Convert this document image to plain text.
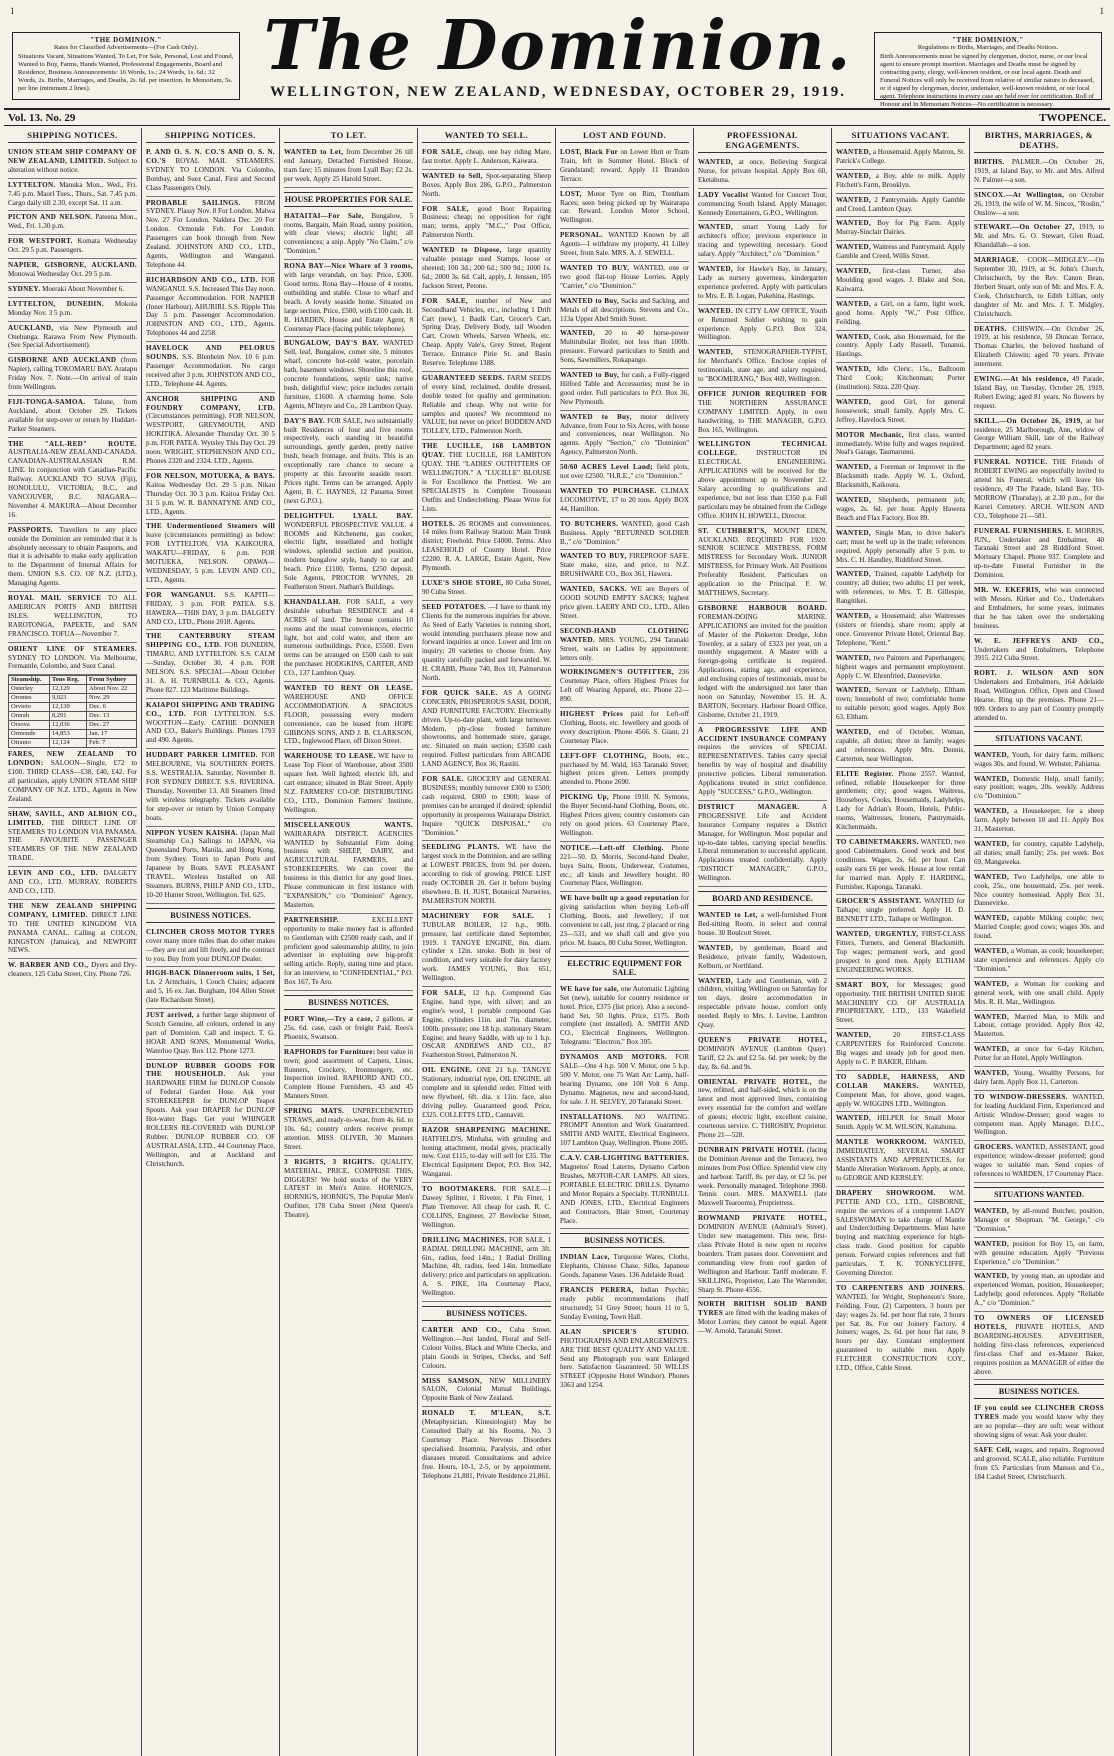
1	1
"THE DOMINION."
Rates for Classified Advertisements—(For Cash Only).
Situations Vacant, Situations Wanted, To Let, For Sale, Personal, Lost and Found, Wanted to Buy, Farms, Hands Wanted, Professional Engagements, Board and Residence, Business Announcements: 16 Words, 1s.; 24 Words, 1s. 6d.; 32 Words, 2s. Births, Marriages, and Deaths, 2s. 6d. per insertion. In Memoriam, 5s. per line (minimum 2 lines).
The Dominion.
WELLINGTON, NEW ZEALAND, WEDNESDAY, OCTOBER 29, 1919.
"THE DOMINION."
Regulations re Births, Marriages, and Deaths Notices.
Birth Announcements must be signed by clergyman, doctor, nurse, or our local agent to ensure prompt insertion. Marriages and Deaths must be signed by contracting party, clergy, well-known resident, or our local agent. Death and Funeral Notices will only be received from relative of similar nature to deceased, or if signed by clergyman, doctor, undertaker, well-known resident, or our local agent. Telephone instructions in every case are held over for certification. Roll of Honour and In Memoriam Notices—No certification is necessary.
Vol. 13. No. 29	TWOPENCE.
SHIPPING NOTICES.
UNION STEAM SHIP COMPANY OF NEW ZEALAND, LIMITED. Subject to alteration without notice.
LYTTELTON. Manuka Mon., Wed., Fri. 7.45 p.m. Maorl Tues., Thurs., Sat. 7.45 p.m. Cargo daily till 2.30, except Sat. 11 a.m.
PICTON AND NELSON. Pateena Mon., Wed., Fri. 1.30 p.m.
FOR WESTPORT. Komata Wednesday Oct. 29 5 p.m. Passengers.
NAPIER, GISBORNE, AUCKLAND. Monowai Wednesday Oct. 29 5 p.m.
SYDNEY. Moeraki About November 6.
LYTTELTON, DUNEDIN. Mokoia Monday Nov. 3 5 p.m.
AUCKLAND, via New Plymouth and Onehunga. Rarawa From New Plymouth. (See Special Advertisement).
GISBORNE AND AUCKLAND (from Napier), calling TOKOMARU BAY. Aratapu Friday Nov. 7. Note.—On arrival of train from Wellington.
FIJI-TONGA-SAMOA. Talune, from Auckland, about October 29. Tickets available for step-over or return by Huddart-Parker Steamers.
THE "ALL-RED" ROUTE. AUSTRALIA-NEW ZEALAND-CANADA. CANADIAN-AUSTRALASIAN R.M. LINE. In conjunction with Canadian-Pacific Railway. AUCKLAND TO SUVA (Fiji), HONOLULU, VICTORIA, B.C., and VANCOUVER, B.C. NIAGARA—November 4. MAKURA—About December 16.
PASSPORTS. Travellers to any place outside the Dominion are reminded that it is absolutely necessary to obtain Passports, and that it is advisable to make early application to the Department of Internal Affairs for them. UNION S.S. CO. OF N.Z. (LTD.), Managing Agents.
ROYAL MAIL SERVICE TO ALL AMERICAN PORTS AND BRITISH ISLES. WELLINGTON, TO RAROTONGA, PAPEETE, and SAN FRANCISCO. TOFUA—November 7.
ORIENT LINE OF STEAMERS. SYDNEY TO LONDON. Via Melbourne, Fremantle, Colombo, and Suez Canal.
Steamship.	Tons Reg.	From Sydney
Osterley	12,129	About Nov. 22
Orontes	9,023	Nov. 29
Orvieto	12,130	Dec. 6
Omrah	8,291	Dec. 13
Orsova	12,036	Dec. 27
Ormonde	14,853	Jan. 17
Otranto	12,124	Feb. 7
FARES, NEW ZEALAND TO LONDON: SALOON—Single, £72 to £100. THIRD CLASS—£38, £40, £42. For all particulars, apply UNION STEAM SHIP COMPANY OF N.Z. LTD., Agents in New Zealand.
SHAW, SAVILL, AND ALBION CO., LIMITED. THE DIRECT LINE OF STEAMERS TO LONDON VIA PANAMA. THE FAVOURITE PASSENGER STEAMERS OF THE NEW ZEALAND TRADE.
LEVIN AND CO., LTD. DALGETY AND CO., LTD. MURRAY, ROBERTS AND CO., LTD.
THE NEW ZEALAND SHIPPING COMPANY, LIMITED. DIRECT LINE TO THE UNITED KINGDOM VIA PANAMA CANAL. Calling at COLON, KINGSTON (Jamaica), and NEWPORT NEWS.
W. BARBER AND CO., Dyers and Dry-cleaners, 125 Cuba Street, City. Phone 726.
SHIPPING NOTICES.
P. AND O. S. N. CO.'S AND O. S. N. CO.'S ROYAL MAIL STEAMERS. SYDNEY TO LONDON. Via Colombo, Bombay, and Suez Canal. First and Second Class Passengers Only.
PROBABLE SAILINGS. FROM SYDNEY. Plassy Nov. 8 For London. Malwa Nov. 27 For London. Naldera Dec. 20 For London. Ormonde Feb. For London. Passengers can book through from New Zealand. JOHNSTON AND CO., LTD., Agents, Wellington and Wanganui. Telephone 44.
RICHARDSON AND CO., LTD. FOR WANGANUI. S.S. Increased This Day noon. Passenger Accommodation. FOR NAPIER (Inner Harbour), AHURIRI. S.S. Ripple This Day 5 p.m. Passenger Accommodation. JOHNSTON AND CO., LTD., Agents. Telephones 44 and 2258.
HAVELOCK AND PELORUS SOUNDS. S.S. Blenheim Nov. 10 6 p.m. Passenger Accommodation. No cargo received after 3 p.m. JOHNSTON AND CO., LTD., Telephone 44. Agents.
ANCHOR SHIPPING AND FOUNDRY COMPANY, LTD. (Circumstances permitting). FOR NELSON, WESTPORT, GREYMOUTH, AND HOKITIKA. Alexander Thursday Oct. 30 5 p.m. FOR PATEA. Wytsley This Day Oct. 29 noon. WRIGHT, STEPHENSON AND CO., Phones 2320 and 2324. LTD., Agents.
FOR NELSON, MOTUEKA, & BAYS. Kaitoa Wednesday Oct. 29 5 p.m. Nikau Thursday Oct. 30 3 p.m. Kaitoa Friday Oct. 31 5 p.m. W. R. BANNATYNE AND CO., LTD., Agents.
THE Undermentioned Steamers will leave (circumstances permitting) as below: FOR LYTTELTON, VIA KAIKOURA. WAKATU—FRIDAY, 6 p.m. FOR MOTUEKA, NELSON. OPAWA—WEDNESDAY, 5 p.m. LEVIN AND CO., LTD., Agents.
FOR WANGANUI. S.S. KAPITI—FRIDAY, 3 p.m. FOR PATEA. S.S. HAWERA—THIS DAY, 3 p.m. DALGETY AND CO., LTD., Phone 2018. Agents.
THE CANTERBURY STEAM SHIPPING CO., LTD. FOR DUNEDIN, TIMARU, AND LYTTELTON. S.S. CALM—Sunday, October 30, 4 p.m. FOR NELSON. S.S. SPECIAL—About October 31. A. H. TURNBULL & CO., Agents. Phone 827. 123 Maritime Buildings.
KAIAPOI SHIPPING AND TRADING CO., LTD. FOR LYTTELTON. S.S. WOOTTON—Early. CATHIE DONNIER AND CO., Baker's Buildings. Phones 1793 and 490. Agents.
HUDDART PARKER LIMITED. FOR MELBOURNE, Via SOUTHERN PORTS. S.S. WESTRALIA. Saturday, November 8. FOR SYDNEY DIRECT. S.S. RIVERINA. Thursday, November 13. All Steamers fitted with wireless telegraphy. Tickets available for step-over or return by Union Company boats.
NIPPON YUSEN KAISHA. (Japan Mail Steamship Co.) Sailings to JAPAN, via Queensland Ports, Manila, and Hong Kong, from Sydney. Tours to Japan Ports and Japanese by Boats. SAVE PLEASANT TRAVEL. Wireless Installed on All Steamers. BURNS, PHILP AND CO., LTD., 10-20 Hunter Street, Wellington. Tel. 625.
BUSINESS NOTICES.
CLINCHER CROSS MOTOR TYRES cover many more miles than do other makes—they are cut and lift freely, and the contract to you. Buy from your DUNLOP Dealer.
HIGH-BACK Dinnerroom suits, 1 Set, Ln. 2 Armchairs, 1 Couch Chairs; adjacent and 5, 16 ex. Jan. Burgham, 104 Allen Street (late Richardson Street).
JUST arrived, a further large shipment of Scotch Genuine, all colours, ordered in any part of Dominion. Call and inspect. T. G. HOAR AND SONS, Monumental Works, Waterloo Quay. Box 112. Phone 1273.
DUNLOP RUBBER GOODS FOR THE HOUSEHOLD. Ask your HARDWARE FIRM for DUNLOP Console of Federal Garden Hose. Ask your STOREKEEPER for DUNLOP Teapot Spouts. Ask your DRAPER for DUNLOP Hot-water Bags. Get your WHINGER ROLLERS RE-COVERED with DUNLOP Rubber. DUNLOP RUBBER CO. OF AUSTRALASIA, LTD., 44 Courtenay Place, Wellington, and at Auckland and Christchurch.
TO LET.
WANTED to Let, from December 26 till end January, Detached Furnished House, tram fare; 15 minutes from Lyall Bay; £2 2s. per week. Apply 25 Harold Street.
HOUSE PROPERTIES FOR SALE.
HATAITAI—For Sale, Bungalow, 5 rooms, Bargain, Main Road, sunny position, with clear views; electric light; all conveniences; a snip. Apply "No Claim," c/o "Dominion."
RONA BAY—Nice Whare of 3 rooms, with large verandah, on bay. Price, £300. Good terms. Rona Bay—House of 4 rooms, outbuilding and stable. Close to wharf and beach. A lovely seaside home. Situated on large section. Price, £500, with £100 cash. H. R. HARDEN, House and Estate Agent, 8 Courtenay Place (facing public telephone).
BUNGALOW, DAY'S BAY. WANTED Sell, leaf, Bungalow, comer site, 5 minutes wharf, concrete hot-cold water, porcelain bath, basement windows. Shoreline this roof, concrete foundations, septic tank; native bush, delightful view; price includes certain furniture, £1600. A charming home. Sole Agents, M'Intyre and Co., 28 Lambton Quay.
DAY'S BAY. FOR SALE, two substantially built Residences of four and five rooms respectively, each standing in beautiful surroundings, gently garden, pretty native bush, beach frontage, and fruits. This is an exceptionally rare chance to secure a property at this favourite seaside resort. Prices right. Terms can be arranged. Apply Agent, B. C. HAYNES, 12 Panama Street (next G.P.O.).
DELIGHTFUL LYALL BAY. WONDERFUL PROSPECTIVE VALUE. 4 ROOMS and Kitchenette, gas cooker, electric light, tessellated and hotlight windows, splendid section and position, modern bungalow style, handy to car and beach. Price £1100. Terms, £250 deposit. Sole Agents, PROCTOR WYNNS, 28 Featherston Street. Nathan's Buildings.
KHANDALLAH. FOR SALE, a very desirable suburban RESIDENCE and 4 ACRES of land. The house contains 10 rooms and the usual conveniences, electric light, hot and cold water, and there are numerous outbuildings. Price, £5500. Even terms can be arranged on £500 cash to suit the purchaser. HODGKINS, CARTER, AND CO., 137 Lambton Quay.
WANTED TO RENT OR LEASE. WAREHOUSE AND OFFICE ACCOMMODATION. A SPACIOUS FLOOR, possessing every modern convenience, can be leased from HOPE GIBBONS SONS, AND J. B. CLARKSON, LTD., Inglewood Place, off Dixon Street.
WAREHOUSE TO LEASE. WE have to Lease Top Floor of Warehouse, about 3500 square feet. Well lighted; electric lift, and cart entrance; situated in Blair Street. Apply N.Z. FARMERS' CO-OP. DISTRIBUTING CO., LTD., Dominion Farmers' Institute, Wellington.
MISCELLANEOUS WANTS. WAIRARAPA DISTRICT. AGENCIES WANTED by Substantial Firm doing business with SHEEP, DAIRY, and AGRICULTURAL FARMERS, and STOREKEEPERS. We can cover the business in this district for any good lines. Please communicate in first instance with "EXPANSION," c/o "Dominion" Agency, Masterton.
PARTNERSHIP.	EXCELLENT opportunity to make money fast is afforded to Gentleman with £2500 ready cash, and if proficient good salesmanship ability, to join advertiser in exploiting new big-profit selling article. Reply, stating time and place, for an interview, to "CONFIDENTIAL," P.O. Box 167, Te Aro.
BUSINESS NOTICES.
PORT Wine,—Try a case, 2 gallons, at 25s. 6d. case, cash or freight Paid, Rees's Phoenix, Swanson.
RAPHORDS for Furniture: best value in town; good assortment of Carpets, Linos, Runners, Crockery, Ironmongery, etc. Inspection invited. RAPHORD AND CO., Complete House Furnishers, 43 and 45 Manners Street.
SPRING MATS. UNPRECEDENTED STRAWS, and ready-to-wear, from 4s. 6d. to 10s. 6d.; country orders receive prompt attention. MISS OLIVER, 30 Manners Street.
3 RIGHTS, 3 RIGHTS. QUALITY, MATERIAL, PRICE, COMPRISE THIS, DIGGERS! We hold stocks of the VERY LATEST in Men's Attire. HORNIG'S, HORNIG'S, HORNIG'S, The Popular Men's Outfitter, 178 Cuba Street (Next Queen's Theatre).
WANTED TO SELL.
FOR SALE, cheap, one bay riding Mare, fast trotter. Apply L. Anderson, Kaiwara.
WANTED to Sell, Spot-separating Sheep Boxes. Apply Box 286, G.P.O., Palmerston North.
FOR SALE, good Boot Repairing Business; cheap; no opposition for right man; terms, apply "M.C.," Post Office, Palmerston North.
WANTED to Dispose, large quantity valuable postage used Stamps, loose or sheeted; 100 3d.; 200 6d.; 500 9d.; 1000 1s. 6d.; 2000 3s. 6d. Call, apply, J. Jenssen, 105 Jackson Street, Petone.
FOR SALE, number of New and Secondhand Vehicles, etc., including 1 Drift Cart (new), 1 Baulk Cart, Grocer's Cart, Spring Dray, Delivery Body, tail Wooden Cart, Crown Wheels, Sarven Wheels, etc. Cheap. Apply Vale's, Grey Street, Regent Terrace, Entrance Pirie St. and Basin Reserve. Telephone 1388.
GUARANTEED SEEDS. FARM SEEDS of every kind, reclaimed, double dressed, double tested for quality and germination. Reliable and cheap. Why not write for samples and quotes? We recommend no VALUE, but never on price! BODDEN AND TOLLEY, LTD., Palmerston North.
THE LUCILLE, 168 LAMBTON QUAY. THE LUCILLE, 168 LAMBTON QUAY. THE "LADIES' OUTFITTERS OF WELLINGTON." A "LUCILLE" BLOUSE is For Excellence the Prettiest. We are SPECIALISTS in Complete Trousseau Outfits and Underclothing. Please Write for Lists.
HOTELS. 26 ROOMS and conveniences, 14 miles from Railway Station: Main Trunk district; Freehold. Price £4000. Terms. Also LEASEHOLD of County Hotel. Price £2200. R. A. LARGE, Estate Agent, New Plymouth.
LUXE'S SHOE STORE, 80 Cuba Street, 90 Cuba Street.
SEED POTATOES. —I have to thank my Clients for the numerous inquiries for above. As Seed of Early Varieties is running short, would intending purchasers please now and forward inquiries at once. Lower and Irm on inquiry; 20 varieties to choose from. Any quantity carefully packed and forwarded. W. H. CRABB, Phone 740, Box 10, Palmerston North.
FOR QUICK SALE. AS A GOING CONCERN, PROSPEROUS SASH, DOOR, AND FURNITURE FACTORY. Electrically driven. Up-to-date plant, with large turnover. Modern, ply-close frosted furniture showrooms, and homemade store, garage, etc. Situated on main section; £3500 cash required. Fullest particulars from ARCADE LAND AGENCY, Box 36, Rastiti.
FOR SALE. GROCERY and GENERAL BUSINESS; monthly turnover £300 to £500; cash required, £800 to £900; lease of premises can be arranged if desired; splendid opportunity in prosperous Wairarapa District. Inquire "QUICK DISPOSAL," c/o "Dominion."
SEEDLING PLANTS. WE have the largest stock in the Dominion, and are selling at LOWEST PRICES, from 9d. per dozen, according to risk of growing. PRICE LIST ready OCTOBER 20. Get it before buying elsewhere. B. H. JUST, Botanical Nurseries, PALMERSTON NORTH.
MACHINERY FOR SALE. 1 TUBULAR BOILER, 12 h.p., 90lb. pressure, last certificate dated September, 1919. 1 TANGYE ENGINE, 8in. diam. cylinder x 12in. stroke. Both in best of condition, and very suitable for dairy factory work. JAMES YOUNG, Box 651, Wellington.
FOR SALE, 12 h.p. Compound Gas Engine, hand type, with silver; and an engine's wool, 1 portable compound Gas Engine, cylinders 11in. and 7in. diameter, 100lb. pressure; one 18 h.p. stationary Steam Engine; and heavy Saddle, with up to 1 h.p. OSCAR ANDREWS AND CO., 87 Featherston Street, Palmerston N.
OIL ENGINE. ONE 21 h.p. TANGYE Stationary, industrial type, OIL ENGINE, all complete and in splendid order. Fitted with new flywheel, 6ft. dia. x 11in. face, also driving pulley. Guaranteed good. Price, £325. COLLETTS LTD., Cannaviti.
RAZOR SHARPENING MACHINE. HATFIELD'S, Minhaha, with grinding and honing attachment, modal gives, practically new. Cost £115, to-day will sell for £35. The Electrical Equipment Depot, P.O. Box 342, Wanganui.
TO BOOTMAKERS. FOR SALE—1 Dawey Splitter, 1 Riveter, 1 Pin Fitter, 1 Plate Tremover. All cheap for cash. R. C. COLLINS, Engineer, 27 Bowlocke Street, Wellington.
DRILLING MACHINES. FOR SALE, 1 RADIAL DRILLING MACHINE, arm 3ft. 6in., radius, feed 14in.; 1 Radial Drilling Machine, 4ft. radius, feed 14in. Immediate delivery; price and particulars on application. A. S. PIKE, 10a Courtenay Place, Wellington.
BUSINESS NOTICES.
CARTER AND CO., Cuba Street, Wellington.—Just landed, Floral and Self-Colour Voiles, Black and White Checks, and plain Goods in Stripes, Checks, and Self Colours.
MISS SAMSON, NEW MILLINERY SALON, Colonial Mutual Buildings, Opposite Bank of New Zealand.
RONALD T. M'LEAN, S.T. (Metaphysician, Kinesiologist) May be Consulted Daily at his Rooms, No. 3 Courtenay Place. Nervous Disorders specialised. Insomnia, Paralysis, and other diseases treated. Consultations and advice free. Hours, 10-1, 2-5, or by appointment. Telephone 21,881, Private Residence 21,861.
LOST AND FOUND.
LOST, Black Fur on Lower Hutt or Tram Train, left in Summer Hotel. Block of Grandstand; reward. Apply 11 Brandon Terrace.
LOST, Motor Tyre on Rim, Trentham Races; seen being picked up by Wairarapa car. Reward. London Motor School, Wellington.
PERSONAL. WANTED Known by all Agents—I withdraw my property, 41 Lilley Street, from Sale. MRS. A. J. SEWELL.
WANTED TO BUY. WANTED, one or two good flat-top House Lorries. Apply "Carrier," c/o "Dominion."
WANTED to Buy, Sacks and Sacking, and Metals of all descriptions. Stevens and Co., 113a Upper Abel Smith Street.
WANTED, 20 to 40 horse-power Multitubular Boiler, not less than 100lb. pressure. Forward particulars to Smith and Sons, Sawmillers, Rokapango.
WANTED to Buy, for cash, a Fully-rigged Hilford Table and Accessories; must be in good order. Full particulars to P.O. Box 36, New Plymouth.
WANTED to Buy, motor delivery Advance, from Four to Six Acres, with house and conveniences, near Wellington. No agents. Apply "Section," c/o "Dominion" Agency, Palmerston North.
50/60 ACRES Level Land; field plots, not over £2500. "H.R.E.," c/o "Dominion."
WANTED TO PURCHASE. CLIMAX LOCOMOTIVE, 17 to 20 tons. Apply BOX 44, Hamilton.
TO BUTCHERS. WANTED, good Cash Business. Apply "RETURNED SOLDIER B.," c/o "Dominion."
WANTED TO BUY, FIREPROOF SAFE. State make, size, and price, to N.Z. BRUSHWARE CO., Box 361, Hawera.
WANTED, SACKS. WE are Buyers of GOOD SOUND EMPTY SACKS; highest price given. LAERY AND CO., LTD., Allen Street.
SECOND-HAND CLOTHING WANTED. MRS. YOUNG, 294 Taranaki Street, waits on Ladies by appointment; letters only.
WORKINGMEN'S OUTFITTER, 236 Courtenay Place, offers Highest Prices for Left off Wearing Apparel, etc. Phone 22—890.
HIGHEST Prices paid for Left-off Clothing, Boots, etc. Jewellery and goods of every description. Phone 4566. S. Giant, 21 Courtenay Place.
LEFT-OFF CLOTHING, Boots, etc., purchased by M. Wald, 163 Taranaki Street; highest prices given. Letters promptly attended to. Phone 2690.
PICKING Up, Phone 1910. N. Symons, the Buyer Second-hand Clothing, Boots, etc. Highest Prices given; country customers can rely on good prices. 63 Courtenay Place, Wellington.
NOTICE.—Left-off Clothing. Phone 221—50. D. Morris, Second-hand Dealer, buys Suits, Boots, Underwear, Costumes, etc.; all kinds and Jewellery bought. 80 Courtenay Place, Wellington.
WE have built up a good reputation for giving satisfaction when buying Left-off Clothing, Boots, and Jewellery; if not convenient to call, just ring, 2 placard or ring 23—531, and we shall call and give you price. M. Isaacs, 80 Cuba Street, Wellington.
ELECTRIC EQUIPMENT FOR SALE.
WE have for sale, one Automatic Lighting Set (new), suitable for country residence or hotel. Price, £375 (list price). Also a second-hand Set, 50 lights. Price, £175. Both complete (not installed). A. SMITH AND CO., Electrical Engineers, Wellington. Telegrams: "Electron," Box 395.
DYNAMOS AND MOTORS. FOR SALE—One 4 h.p. 500 V. Motor, one 5 h.p. 500 V. Motor, one 75 Watt Arc Lamp, half-bearing Dynamo, one 100 Volt 6 Amp. Dynamo. Magnetos, new and second-hand, for sale. J. H. SELVEY, 20 Taranaki Street.
INSTALLATIONS. NO WAITING. PROMPT Attention and Work Guaranteed. SMITH AND WAITE, Electrical Engineers, 107 Lambton Quay, Wellington. Phone 2005.
C.A.V. CAR-LIGHTING BATTERIES. Magnetos' Road Laterns, Dynamo Carbon Brushes, MOTOR-CAR LAMPS. All sizes, PORTABLE ELECTRIC DRILLS. Dynamo and Motor Repairs a Specialty. TURNBULL AND JONES, LTD., Electrical Engineers and Contractors, Blair Street, Courtenay Place.
BUSINESS NOTICES.
INDIAN Lace, Turquoise Wares, Cloths, Elephants, Chinese Chase, Silks, Japanese Goods, Japanese Vases. 136 Adelaide Road.
FRANCIS PERERA, Indian Psychic; ready public recommendations (half structured); 51 Grey Street; hours 11 to 5, Sunday Evening, Town Hall.
ALAN SPICER'S STUDIO. PHOTOGRAPHS AND ENLARGEMENTS. ARE THE BEST QUALITY AND VALUE. Send any Photograph you want Enlarged here. Satisfaction Guaranteed. 50 WILLIS STREET (Opposite Hotel Windsor). Phones 3363 and 1254.
PROFESSIONAL ENGAGEMENTS.
WANTED, at once, Believing Surgical Nurse, for private hospital. Apply Box 60, Eketahuna.
LADY Vocalist Wanted for Concert Tour, commencing South Island. Apply Manager, Kennedy Entertainers, G.P.O., Wellington.
WANTED, smart Young Lady for architect's office; previous experience in tracing and typewriting necessary. Good salary. Apply "Architect," c/o "Dominion."
WANTED, for Hawke's Bay, in January, Lady as nursery governess, kindergarten experience preferred. Apply with particulars to Mrs. E. B. Logan, Pukehina, Hastings.
WANTED. IN CITY LAW OFFICE, Youth or Returned Soldier wishing to gain experience. Apply G.P.O. Box 324, Wellington.
WANTED, STENOGRAPHER-TYPIST, for Merchant's Office. Enclose copies of testimonials, state age, and salary required, to "BOOMERANG," Box 469, Wellington.
OFFICE JUNIOR REQUIRED FOR THE NORTHERN ASSURANCE COMPANY LIMITED. Apply, in own handwriting, to THE MANAGER, G.P.O. Box 165, Wellington.
WELLINGTON TECHNICAL COLLEGE.	INSTRUCTOR IN ELECTRICAL ENGINEERING. APPLICATIONS will be received for the above appointment up to November 12. Salary according to qualifications and experience, but not less than £350 p.a. Full particulars may be obtained from the College Office. JOHN H. HOWELL, Director.
ST. CUTHBERT'S, MOUNT EDEN, AUCKLAND. REQUIRED FOR 1920: SENIOR SCIENCE MISTRESS, FORM MISTRESS for Secondary Work. JUNIOR MISTRESS, for Primary Work. All Positions Preferably Resident. Particulars on application to the Principal. F. W. MATTHEWS, Secretary.
GISBORNE HARBOUR BOARD. FOREMAN-DOING MARINE. APPLICATIONS are invited for the position of Master of the Pinkerton Dredge, John Townley, at a salary of £323 per year, on a monthly engagement. A Master with a foreign-going certificate is required. Applications, stating age, and experience, and enclosing copies of testimonials, must be lodged with the undersigned not later than noon on Saturday, November 15. H. A. BARTON, Secretary. Harbour Board Office, Gisborne, October 21, 1919.
A PROGRESSIVE LIFE AND ACCIDENT INSURANCE COMPANY requires the services of SPECIAL REPRESENTATIVES. Tables carry special benefits by way of hospital and disability protective policies. Liberal remuneration. Applications treated in strict confidence. Apply "SUCCESS," G.P.O., Wellington.
DISTRICT MANAGER.	A PROGRESSIVE Life and Accident Insurance Company requires a District Manager, for Wellington. Most popular and up-to-date tables, carrying special benefits. Liberal remuneration to successful applicant. Applications treated confidentially. Apply "DISTRICT MANAGER," G.P.O., Wellington.
BOARD AND RESIDENCE.
WANTED to Let, a well-furnished Front Bed-sitting Room, in select and central house. 30 Boulcott Street.
WANTED, by gentleman, Board and Residence, private family, Wadestown, Kelburn, or Northland.
WANTED, Lady and Gentleman, with 2 children, visiting Wellington on Saturday for ten days, desire accommodation in respectable private house, comfort only needed. Reply to Mrs. J. Levine, Lambton Quay.
QUEEN'S PRIVATE HOTEL, DOMINION AVENUE (Lambton Quay). Tariff, £2 2s. and £2 5s. 6d. per week; by the day, 8s. 6d. and 9s.
OBIENTAL PRIVATE HOTEL, the new, refitted, and half-sided, which is on the latest and most approved lines, containing every essential for the comfort and welfare of guests; electric light, excellent cuisine, courteous service. C. THROSBY, Proprietor. Phone 21—528.
DUNBRAIN PRIVATE HOTEL (facing the Dominion Avenue and the Terrace), two minutes from Post Office. Splendid view city and harbour. Tariff, 8s. per day, or £2 5s. per week. Personally managed. Telephone 3960. Tennis court. MRS. MAXWELL (late Maxwell Tearooms), Proprietress.
ROWMAND PRIVATE HOTEL, DOMINION AVENUE (Admiral's Street). Under new management. This new, first-class Private Hotel is now open to receive boarders. Tram passes door. Convenient and commanding view from roof garden of Wellington and Harbour. Tariff moderate. F. SKILLING, Proprietor, Late The Warrender, Sharp St. Phone 4556.
NORTH BRITISH SOLID BAND TYRES are fitted with the leading makes of Motor Lorries; they cannot be equal. Agent—W. Arnold, Taranaki Street.
SITUATIONS VACANT.
WANTED, a Housemaid. Apply Matron, St. Patrick's College.
WANTED, a Boy, able to milk. Apply Fitchett's Farm, Brooklyn.
WANTED, 2 Pantrymaids. Apply Gamble and Creed, Lambton Quay.
WANTED, Boy for Pig Farm. Apply Murray-Sinclair Dairies.
WANTED, Waitress and Pantrymaid. Apply Gamble and Creed, Willis Street.
WANTED, first-class Turner, also Moulding good wages. J. Blake and Son, Kaiwarra.
WANTED, a Girl, on a farm, light work, good home. Apply "W.," Post Office, Feilding.
WANTED, Cook, also Housemaid, for the country. Apply Lady Russell, Tunanui, Hastings.
WANTED, Idle Cleric, 15s., Ballroom Third Cook; Kitchenman; Porter (institution). Sitza, 220 Quay.
WANTED, good Girl, for general housework; small family. Apply Mrs. C. Jeffrey, Havelock Street.
MOTOR Mechanic, first class, wanted immediately. Write fully and wages required. Neal's Garage, Taumarunui.
WANTED, a Foreman or Improver in the Blacksmith trade. Apply W. L. Oxford, Blacksmith, Kaikoura.
WANTED, Shepherds, permanent job; wages, 2s. 6d. per hour. Apply Hawera Beach and Flax Factory, Box 89.
WANTED, Single Man, to drive baker's cart; must be well up in the trade; references required. Apply personally after 5 p.m. to Mrs. C. H. Handley, Riddiford Street.
WANTED, Trained, capable Ladyhelp for country; all duties; two adults; £1 per week, with references, to Mrs. T. B. Gillespie, Rangitikei.
WANTED, a Housemaid; also Waitresses (sisters or friends), share room; apply at once. Grosvenor Private Hotel, Oriental Bay. Telephone, "Kent."
WANTED, two Painters and Paperhangers; highest wages and permanent employment. Apply C. W. Ehrenfried, Dannevirke.
WANTED, Servant or Ladyhelp, Eltham town; household of two; comfortable home to suitable person; good wages. Apply Box 63, Eltham.
WANTED, end of October, Woman, capable, all duties; three in family; wages and references. Apply Mrs. Dennis, Carterton, near Wellington.
ELITE Register. Phone 2557. Wanted, refined, reliable Housekeeper for three gentlemen; city; good wages. Waitress, Houseboys, Cooks, Housemaids, Ladyhelps, Lady for Adrian's Room, Hotels, Public-rooms, Waitresses, Ironers, Pantrymaids, Kitchenmaids.
TO CABINETMAKERS. WANTED, two good Cabinetmakers. Good work and best conditions. Wages, 2s. 6d. per hour. Can easily earn £6 per week. House at low rental for married man. Apply F. HARDING, Furnisher, Kaponga, Taranaki.
GROCER'S ASSISTANT. WANTED for Taihape; single preferred. Apply H. D. BENNETT LTD., Taihape or Wellington.
WANTED, URGENTLY, FIRST-CLASS Fitters, Turners, and General Blacksmith. Top wages; permanent work, and good prospect to good men. Apply ELTHAM ENGINEERING WORKS.
SMART BOY, for Messages; good opportunity. THE BRITISH UNITED SHOE MACHINERY CO. OF AUSTRALIA PROPRIETARY, LTD., 133 Wakefield Street.
WANTED,	20 FIRST-CLASS CARPENTERS for Reinforced Concrete. Big wages and steady job for good men. Apply to C. P. BAKER, Eltham.
TO SADDLE, HARNESS, AND COLLAR MAKERS. WANTED, Competent Man, for above, good wages, apply W. WIGGINS LTD., Wellington.
WANTED, HELPER for Small Motor Smith. Apply W. M. WILSON, Kaitahuna.
MANTLE WORKROOM. WANTED, IMMEDIATELY, SEVERAL SMART ASSISTANTS AND APPRENTICES, for Mantle Alteration Workroom. Apply, at once, to GEORGE AND KERSLEY.
DRAPERY SHOWROOM. W.M. PETTIE AND CO., LTD., GISBORNE, require the services of a competent LADY SALESWOMAN to take charge of Mantle and Underclothing Departments. Must have buying and matching experience for high-class trade. Good position for capable person. Forward copies references and full particulars. T. K. TONKYCLIFFE, Governing Director.
TO CARPENTERS AND JOINERS. WANTED, for Wright, Stephenson's Store, Feilding. Four, (2) Carpenters, 3 hours per day; wages 2s. 6d. per hour flat rate, 3 hours per Sat. 8s. For our Joinery Factory, 4 Joiners; wages, 2s. 6d. per hour flat rate, 9 hours per day. Constant employment guaranteed to suitable men. Apply FLETCHER CONSTRUCTION COY., LTD., Office, Cable Street.
BIRTHS, MARRIAGES, & DEATHS.
BIRTHS. PALMER.—On October 26, 1919, at Island Bay, to Mr. and Mrs. Alfred N. Palmer—a son.
SINCOX.—At Wellington, on October 26, 1919, the wife of W. M. Sincox, "Roslin," Onslow—a son.
STEWART.—On October 27, 1919, to Mr. and Mrs. G. O. Stewart, Glen Road, Khandallah—a son.
MARRIAGE. COOK—MIDGLEY.—On September 30, 1919, at St. John's Church, Christchurch, by the Rev. Canon Bean, Herbert Stuart, only son of Mr. and Mrs. F. A. Cook, Christchurch, to Edith Lillian, only daughter of Mr. and Mrs. J. T. Midgley, Christchurch.
DEATHS. CHISWIN.—On October 26, 1919, at his residence, 59 Duncan Terrace, Thomas Charles, the beloved husband of Elizabeth Chiswin; aged 70 years. Private interment.
EWING.—At his residence, 49 Parade, Island Bay, on Tuesday, October 28, 1919, Robert Ewing; aged 81 years. No flowers by request.
SKILL.—On October 26, 1919, at her residence, 25 Marlborough, Ann, widow of George William Skill, late of the Railway Department; aged 82 years.
FUNERAL NOTICE. THE Friends of ROBERT EWING are respectfully invited to attend his Funeral, which will leave his residence, 49 The Parade, Island Bay, TO-MORROW (Thursday), at 2.30 p.m., for the Karori Cemetery. ARCH. WILSON AND CO., Telephone 21—581.
FUNERAL FURNISHERS. E. MORRIS, JUN., Undertaker and Embalmer, 40 Taranaki Street and 28 Riddiford Street. Mortuary Chapel. Phone 937. Complete and up-to-date Funeral Furnisher in the Dominion.
MR. W. EKEFRIS, who was connected with Messrs. Kirker and Co., Undertakers and Embalmers, for some years, intimates that he has taken over the undertaking business.
W. E. JEFFREYS AND CO., Undertakers and Embalmers, Telephone 3915. 212 Cuba Street.
ROBT. J. WILSON AND SON Undertakers and Embalmers, 164 Adelaide Road, Wellington. Office, Open and Closed Hearse. Ring up the premises. Phone 21—909. Orders to any part of Country promptly attended to.
SITUATIONS VACANT.
WANTED, Youth, for dairy farm, milkers; wages 30s. and found. W. Webster, Pahiatua.
WANTED, Domestic Help, small family; easy position; wages, 20s. weekly. Address c/o "Dominion."
WANTED, a Housekeeper, for a sheep farm. Apply between 10 and 11. Apply Box 31, Masterton.
WANTED, for country, capable Ladyhelp, all duties; small family; 25s. per week. Box 69, Mangaweka.
WANTED, Two Ladyhelps, one able to cook, 25s., one housemaid, 25s. per week. Nice country homestead. Apply Box 31, Dannevirke.
WANTED, capable Milking couple; two; Married Couple; good cows; wages 30s. and found.
WANTED, a Woman, as cook; housekeeper; state experience and references. Apply c/o "Dominion."
WANTED, a Woman for cooking and general work, with one small child. Apply Mrs. R. H. Mar., Wellington.
WANTED, Married Man, to Milk and Labour, cottage provided. Apply Box 42, Masterton.
WANTED, at once for 6-day Kitchen, Porter for an Hotel, Apply Wellington.
WANTED, Young, Wealthy Persons, for dairy farm. Apply Box 11, Carterton.
TO WINDOW-DRESSERS. WANTED, for leading Auckland Firm, Experienced and Artistic Window-Dresser; good wages to competent man. Apply Manager, D.I.C., Wellington.
GROCERS. WANTED, ASSISTANT, good experience; window-dresser preferred; good wages to suitable man. Send copies of references to WARDEN, 17 Courtenay Place.
SITUATIONS WANTED.
WANTED, by all-round Butcher, position, Manager or Shopman. "M. George," c/o "Dominion."
WANTED, position for Boy 15, on farm, with genuine education. Apply "Previous Experience," c/o "Dominion."
WANTED, by young man, an uptodate and experienced Woman, position, Housekeeper; Ladyhelp; good references. Apply "Reliable A.," c/o "Dominion."
TO OWNERS OF LICENSED HOTELS, PRIVATE HOTELS, AND BOARDING-HOUSES. ADVERTISER, holding first-class references, experienced first-class Chef and ex-Master Baker, requires position as MANAGER of either the above.
BUSINESS NOTICES.
IF you could see CLINCHER CROSS TYRES made you would know why they are so popular—they are soft; wear without showing signs of wear. Ask your dealer.
SAFE Cell, wages, and repairs. Regrooved and grooved. SCALE, also reliable. Furniture from £5. Particulars from Manson and Co., 184 Cashel Street, Christchurch.
